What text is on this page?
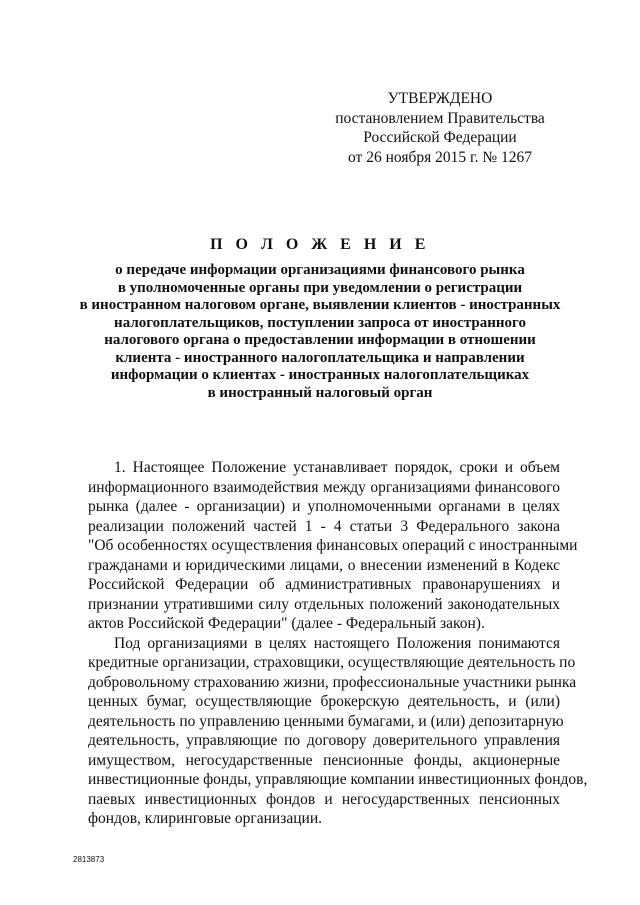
УТВЕРЖДЕНО
постановлением Правительства
Российской Федерации
от 26 ноября 2015 г. № 1267
П О Л О Ж Е Н И Е
о передаче информации организациями финансового рынка
в уполномоченные органы при уведомлении о регистрации
в иностранном налоговом органе, выявлении клиентов - иностранных
налогоплательщиков, поступлении запроса от иностранного
налогового органа о предоставлении информации в отношении
клиента - иностранного налогоплательщика и направлении
информации о клиентах - иностранных налогоплательщиках
в иностранный налоговый орган
1. Настоящее Положение устанавливает порядок, сроки и объем
информационного взаимодействия между организациями финансового
рынка (далее - организации) и уполномоченными органами в целях
реализации положений частей 1 - 4 статьи 3 Федерального закона
"Об особенностях осуществления финансовых операций с иностранными
гражданами и юридическими лицами, о внесении изменений в Кодекс
Российской Федерации об административных правонарушениях и
признании утратившими силу отдельных положений законодательных
актов Российской Федерации" (далее - Федеральный закон).
Под организациями в целях настоящего Положения понимаются
кредитные организации, страховщики, осуществляющие деятельность по
добровольному страхованию жизни, профессиональные участники рынка
ценных бумаг, осуществляющие брокерскую деятельность, и (или)
деятельность по управлению ценными бумагами, и (или) депозитарную
деятельность, управляющие по договору доверительного управления
имуществом, негосударственные пенсионные фонды, акционерные
инвестиционные фонды, управляющие компании инвестиционных фондов,
паевых инвестиционных фондов и негосударственных пенсионных
фондов, клиринговые организации.
2813873
